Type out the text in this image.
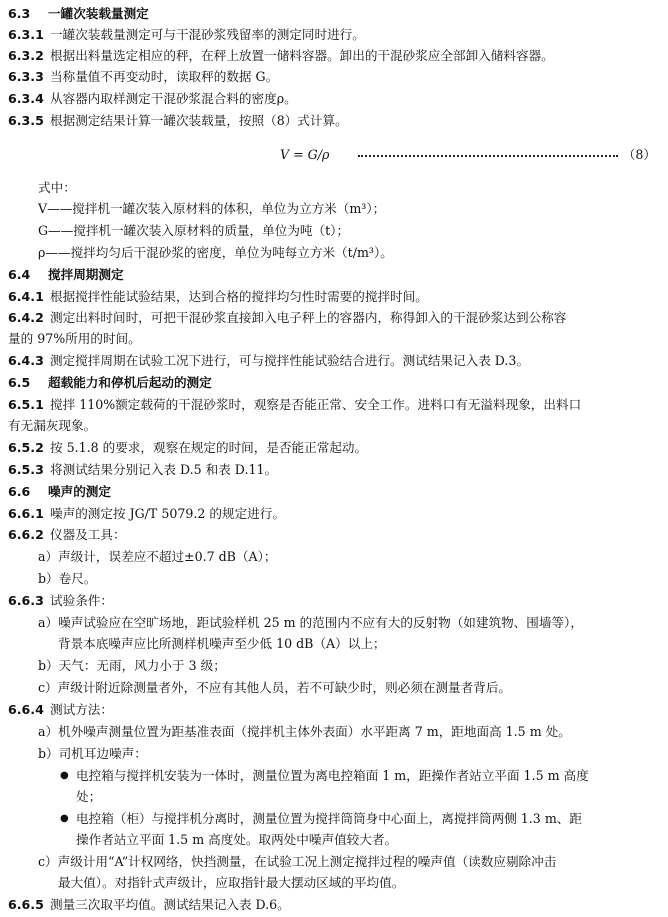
6.3 一罐次装载量测定
6.3.1 一罐次装载量测定可与干混砂浆残留率的测定同时进行。
6.3.2 根据出料量选定相应的秤，在秤上放置一储料容器。卸出的干混砂浆应全部卸入储料容器。
6.3.3 当称量值不再变动时，读取秤的数据 G。
6.3.4 从容器内取样测定干混砂浆混合料的密度ρ。
6.3.5 根据测定结果计算一罐次装载量，按照（8）式计算。
V = G/ρ	（8）
式中：
V——搅拌机一罐次装入原材料的体积，单位为立方米（m³）；
G——搅拌机一罐次装入原材料的质量，单位为吨（t）；
ρ——搅拌均匀后干混砂浆的密度，单位为吨每立方米（t/m³）。
6.4 搅拌周期测定
6.4.1 根据搅拌性能试验结果，达到合格的搅拌均匀性时需要的搅拌时间。
6.4.2 测定出料时间时，可把干混砂浆直接卸入电子秤上的容器内，称得卸入的干混砂浆达到公称容
量的 97%所用的时间。
6.4.3 测定搅拌周期在试验工况下进行，可与搅拌性能试验结合进行。测试结果记入表 D.3。
6.5 超载能力和停机后起动的测定
6.5.1 搅拌 110%额定载荷的干混砂浆时，观察是否能正常、安全工作。进料口有无溢料现象，出料口
有无漏灰现象。
6.5.2 按 5.1.8 的要求，观察在规定的时间，是否能正常起动。
6.5.3 将测试结果分别记入表 D.5 和表 D.11。
6.6 噪声的测定
6.6.1 噪声的测定按 JG/T 5079.2 的规定进行。
6.6.2 仪器及工具：
a）声级计，误差应不超过±0.7 dB（A）；
b）卷尺。
6.6.3 试验条件：
a）噪声试验应在空旷场地，距试验样机 25 m 的范围内不应有大的反射物（如建筑物、围墙等），
背景本底噪声应比所测样机噪声至少低 10 dB（A）以上；
b）天气：无雨，风力小于 3 级；
c）声级计附近除测量者外，不应有其他人员，若不可缺少时，则必须在测量者背后。
6.6.4 测试方法：
a）机外噪声测量位置为距基准表面（搅拌机主体外表面）水平距离 7 m，距地面高 1.5 m 处。
b）司机耳边噪声：
● 电控箱与搅拌机安装为一体时，测量位置为离电控箱面 1 m，距操作者站立平面 1.5 m 高度
处；
● 电控箱（柜）与搅拌机分离时，测量位置为搅拌筒筒身中心面上，离搅拌筒两侧 1.3 m、距
操作者站立平面 1.5 m 高度处。取两处中噪声值较大者。
c）声级计用“A”计权网络，快挡测量，在试验工况上测定搅拌过程的噪声值（读数应剔除冲击
最大值）。对指针式声级计，应取指针最大摆动区域的平均值。
6.6.5 测量三次取平均值。测试结果记入表 D.6。
